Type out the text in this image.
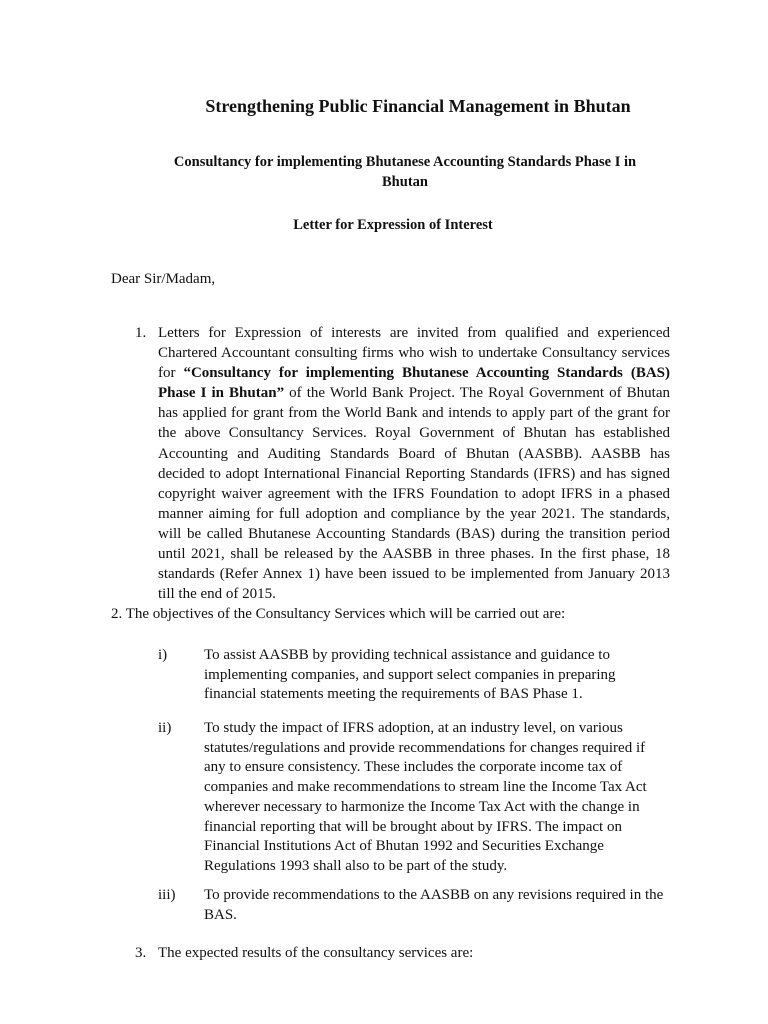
Strengthening Public Financial Management in Bhutan

Consultancy for implementing Bhutanese Accounting Standards Phase I in Bhutan

Letter for Expression of Interest

Dear Sir/Madam,

1. Letters for Expression of interests are invited from qualified and experienced Chartered Accountant consulting firms who wish to undertake Consultancy services for “Consultancy for implementing Bhutanese Accounting Standards (BAS) Phase I in Bhutan” of the World Bank Project. The Royal Government of Bhutan has applied for grant from the World Bank and intends to apply part of the grant for the above Consultancy Services. Royal Government of Bhutan has established Accounting and Auditing Standards Board of Bhutan (AASBB). AASBB has decided to adopt International Financial Reporting Standards (IFRS) and has signed copyright waiver agreement with the IFRS Foundation to adopt IFRS in a phased manner aiming for full adoption and compliance by the year 2021. The standards, will be called Bhutanese Accounting Standards (BAS) during the transition period until 2021, shall be released by the AASBB in three phases. In the first phase, 18 standards (Refer Annex 1) have been issued to be implemented from January 2013 till the end of 2015.

2. The objectives of the Consultancy Services which will be carried out are:

i) To assist AASBB by providing technical assistance and guidance to implementing companies, and support select companies in preparing financial statements meeting the requirements of BAS Phase 1.
ii) To study the impact of IFRS adoption, at an industry level, on various statutes/regulations and provide recommendations for changes required if any to ensure consistency. These includes the corporate income tax of companies and make recommendations to stream line the Income Tax Act wherever necessary to harmonize the Income Tax Act with the change in financial reporting that will be brought about by IFRS. The impact on Financial Institutions Act of Bhutan 1992 and Securities Exchange Regulations 1993 shall also to be part of the study.
iii) To provide recommendations to the AASBB on any revisions required in the BAS.

3. The expected results of the consultancy services are:
